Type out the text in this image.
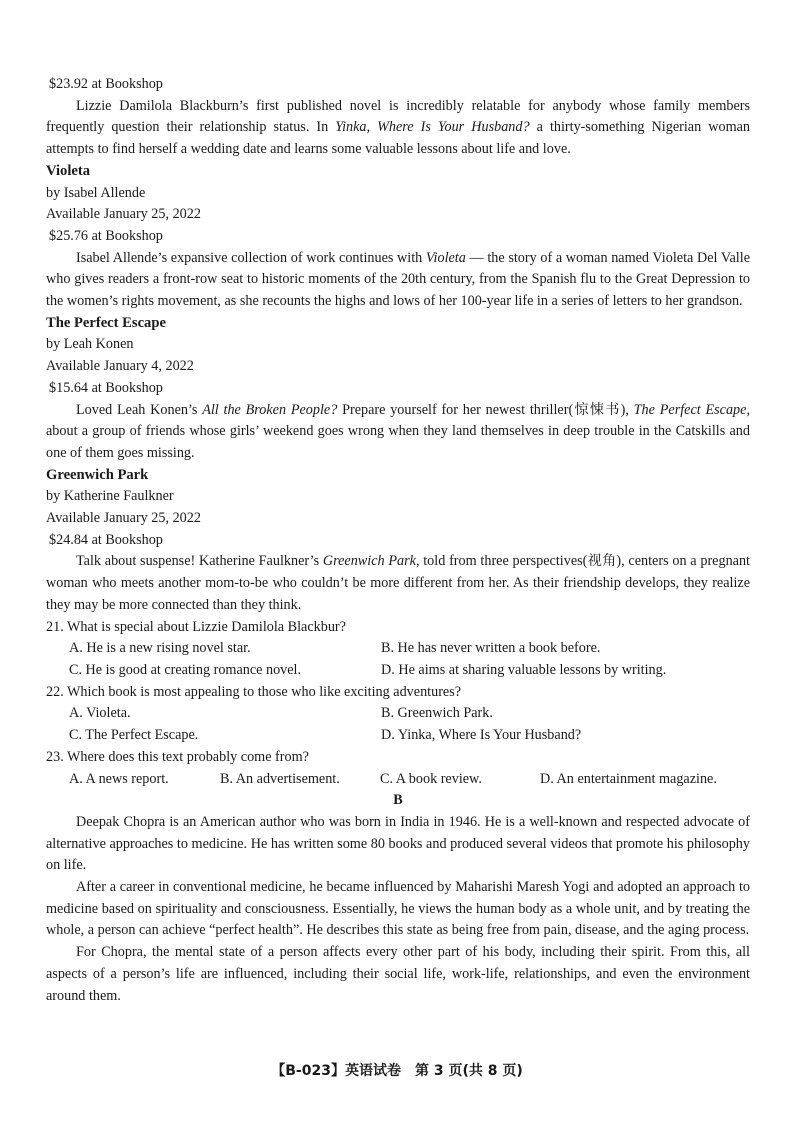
$23.92 at Bookshop

Lizzie Damilola Blackburn’s first published novel is incredibly relatable for anybody whose family members frequently question their relationship status. In Yinka, Where Is Your Husband? a thirty-something Nigerian woman attempts to find herself a wedding date and learns some valuable lessons about life and love.

Violeta
by Isabel Allende
Available January 25, 2022
$25.76 at Bookshop

Isabel Allende’s expansive collection of work continues with Violeta — the story of a woman named Violeta Del Valle who gives readers a front-row seat to historic moments of the 20th century, from the Spanish flu to the Great Depression to the women’s rights movement, as she recounts the highs and lows of her 100-year life in a series of letters to her grandson.

The Perfect Escape
by Leah Konen
Available January 4, 2022
$15.64 at Bookshop

Loved Leah Konen’s All the Broken People? Prepare yourself for her newest thriller(惊悚书), The Perfect Escape, about a group of friends whose girls’ weekend goes wrong when they land themselves in deep trouble in the Catskills and one of them goes missing.

Greenwich Park
by Katherine Faulkner
Available January 25, 2022
$24.84 at Bookshop

Talk about suspense! Katherine Faulkner’s Greenwich Park, told from three perspectives(视角), centers on a pregnant woman who meets another mom-to-be who couldn’t be more different from her. As their friendship develops, they realize they may be more connected than they think.

21. What is special about Lizzie Damilola Blackbur?
A. He is a new rising novel star.	B. He has never written a book before.
C. He is good at creating romance novel.	D. He aims at sharing valuable lessons by writing.
22. Which book is most appealing to those who like exciting adventures?
A. Violeta.	B. Greenwich Park.
C. The Perfect Escape.	D. Yinka, Where Is Your Husband?
23. Where does this text probably come from?
A. A news report.	B. An advertisement.	C. A book review.	D. An entertainment magazine.
B

Deepak Chopra is an American author who was born in India in 1946. He is a well-known and respected advocate of alternative approaches to medicine. He has written some 80 books and produced several videos that promote his philosophy on life.

After a career in conventional medicine, he became influenced by Maharishi Maresh Yogi and adopted an approach to medicine based on spirituality and consciousness. Essentially, he views the human body as a whole unit, and by treating the whole, a person can achieve “perfect health”. He describes this state as being free from pain, disease, and the aging process.

For Chopra, the mental state of a person affects every other part of his body, including their spirit. From this, all aspects of a person’s life are influenced, including their social life, work-life, relationships, and even the environment around them.

【B-023】英语试卷　第 3 页(共 8 页)
